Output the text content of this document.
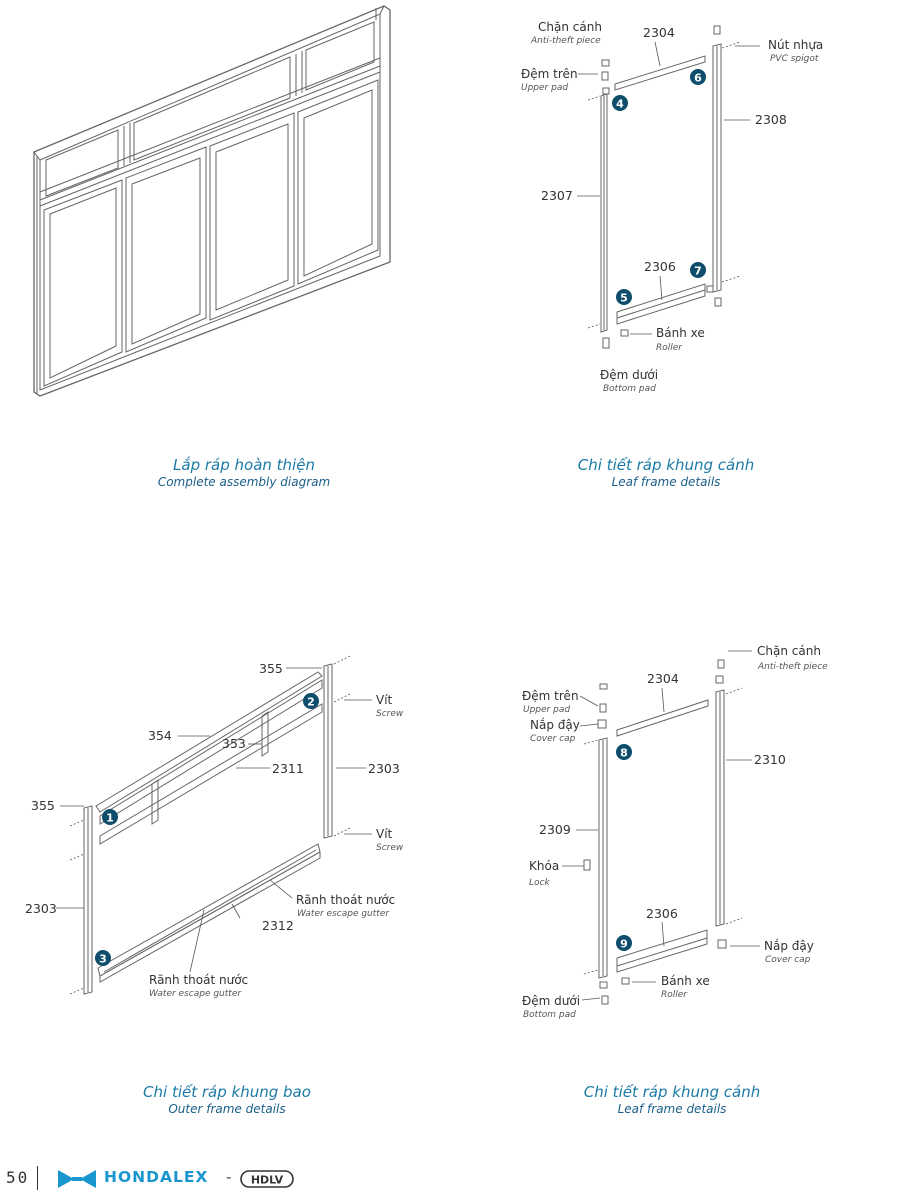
Chặn cánh
Anti-theft piece
2304
Nút nhựa
PVC spigot
Đệm trên
Upper pad
2308
2307
2306
Bánh xe
Roller
Đệm dưới
Bottom pad
4
6
7
5
355
Vít
Screw
354
353
2311	2303
355
Vít
Screw
Rãnh thoát nước
Water escape gutter
2303
2312
Rãnh thoát nước
Water escape gutter
2
1
3
Chặn cánh
Anti-theft piece
2304
Đệm trên
Upper pad
Nắp đậy
Cover cap
2310
2309
Khóa
Lock
2306
Nắp đậy
Cover cap
Bánh xe
Roller
Đệm dưới
Bottom pad
8
9
Lắp ráp hoàn thiện
Complete assembly diagram
Chi tiết ráp khung cánh
Leaf frame details
Chi tiết ráp khung bao
Outer frame details
Chi tiết ráp khung cánh
Leaf frame details
50	HONDALEX - HDLV
